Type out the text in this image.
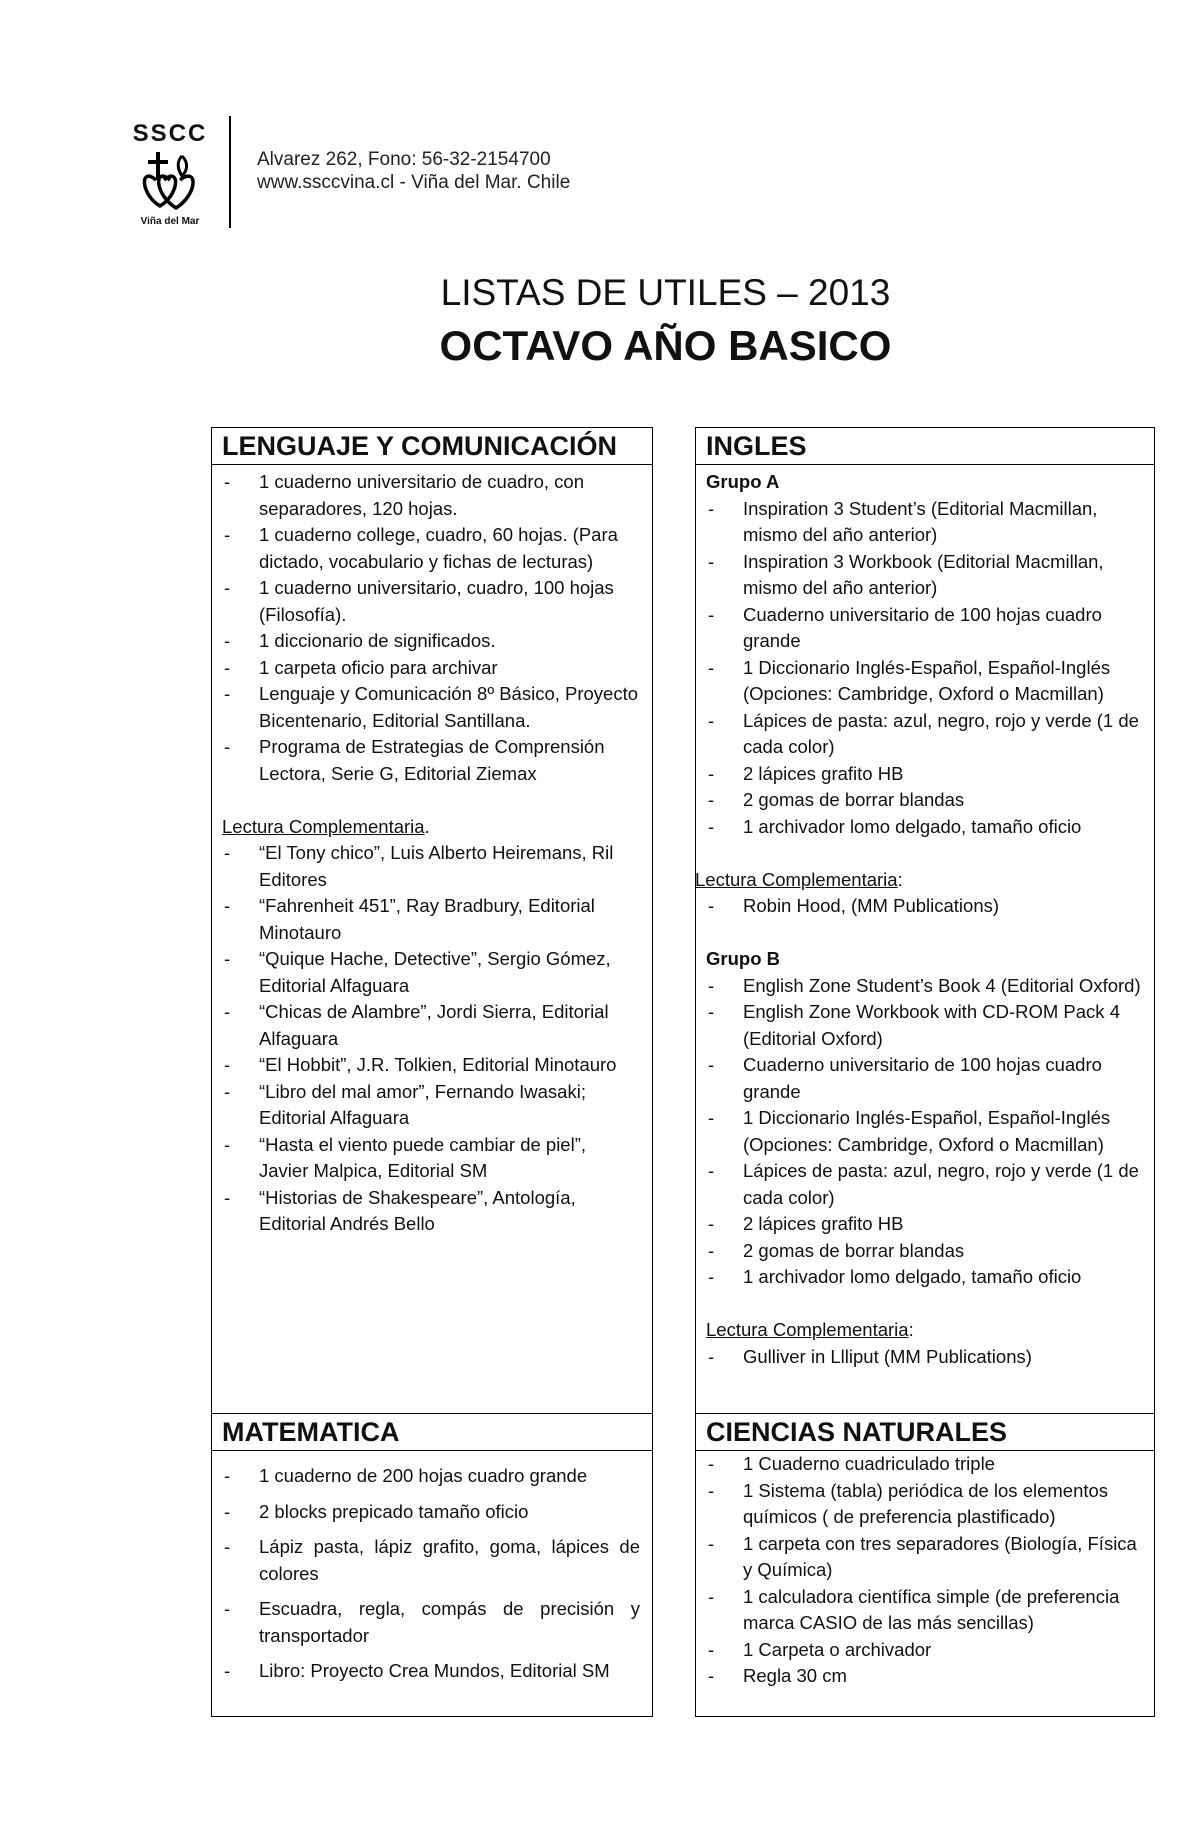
SSCC
Viña del Mar
Alvarez 262, Fono: 56-32-2154700
www.ssccvina.cl - Viña del Mar. Chile
LISTAS DE UTILES – 2013
OCTAVO AÑO BASICO
LENGUAJE Y COMUNICACIÓN
- 1 cuaderno universitario de cuadro, con separadores, 120 hojas.
- 1 cuaderno college, cuadro, 60 hojas. (Para dictado, vocabulario y fichas de lecturas)
- 1 cuaderno universitario, cuadro, 100 hojas (Filosofía).
- 1 diccionario de significados.
- 1 carpeta oficio para archivar
- Lenguaje y Comunicación 8º Básico, Proyecto Bicentenario, Editorial Santillana.
- Programa de Estrategias de Comprensión Lectora, Serie G, Editorial Ziemax
Lectura Complementaria.
- “El Tony chico”, Luis Alberto Heiremans, Ril Editores
- “Fahrenheit 451”, Ray Bradbury, Editorial Minotauro
- “Quique Hache, Detective”, Sergio Gómez, Editorial Alfaguara
- “Chicas de Alambre”, Jordi Sierra, Editorial Alfaguara
- “El Hobbit”, J.R. Tolkien, Editorial Minotauro
- “Libro del mal amor”, Fernando Iwasaki; Editorial Alfaguara
- “Hasta el viento puede cambiar de piel”, Javier Malpica, Editorial SM
- “Historias de Shakespeare”, Antología, Editorial Andrés Bello
INGLES
Grupo A
- Inspiration 3 Student’s (Editorial Macmillan, mismo del año anterior)
- Inspiration 3 Workbook (Editorial Macmillan, mismo del año anterior)
- Cuaderno universitario de 100 hojas cuadro grande
- 1 Diccionario Inglés-Español, Español-Inglés (Opciones: Cambridge, Oxford o Macmillan)
- Lápices de pasta: azul, negro, rojo y verde (1 de cada color)
- 2 lápices grafito HB
- 2 gomas de borrar blandas
- 1 archivador lomo delgado, tamaño oficio
Lectura Complementaria:
- Robin Hood, (MM Publications)
Grupo B
- English Zone Student’s Book 4 (Editorial Oxford)
- English Zone Workbook with CD-ROM Pack 4 (Editorial Oxford)
- Cuaderno universitario de 100 hojas cuadro grande
- 1 Diccionario Inglés-Español, Español-Inglés (Opciones: Cambridge, Oxford o Macmillan)
- Lápices de pasta: azul, negro, rojo y verde (1 de cada color)
- 2 lápices grafito HB
- 2 gomas de borrar blandas
- 1 archivador lomo delgado, tamaño oficio
Lectura Complementaria:
- Gulliver in Llliput (MM Publications)
MATEMATICA
- 1 cuaderno de 200 hojas cuadro grande
- 2 blocks prepicado tamaño oficio
- Lápiz pasta, lápiz grafito, goma, lápices de colores
- Escuadra, regla, compás de precisión y transportador
- Libro: Proyecto Crea Mundos, Editorial SM
CIENCIAS NATURALES
- 1 Cuaderno cuadriculado triple
- 1 Sistema (tabla) periódica de los elementos químicos ( de preferencia plastificado)
- 1 carpeta con tres separadores (Biología, Física y Química)
- 1 calculadora científica simple (de preferencia marca CASIO de las más sencillas)
- 1 Carpeta o archivador
- Regla 30 cm
